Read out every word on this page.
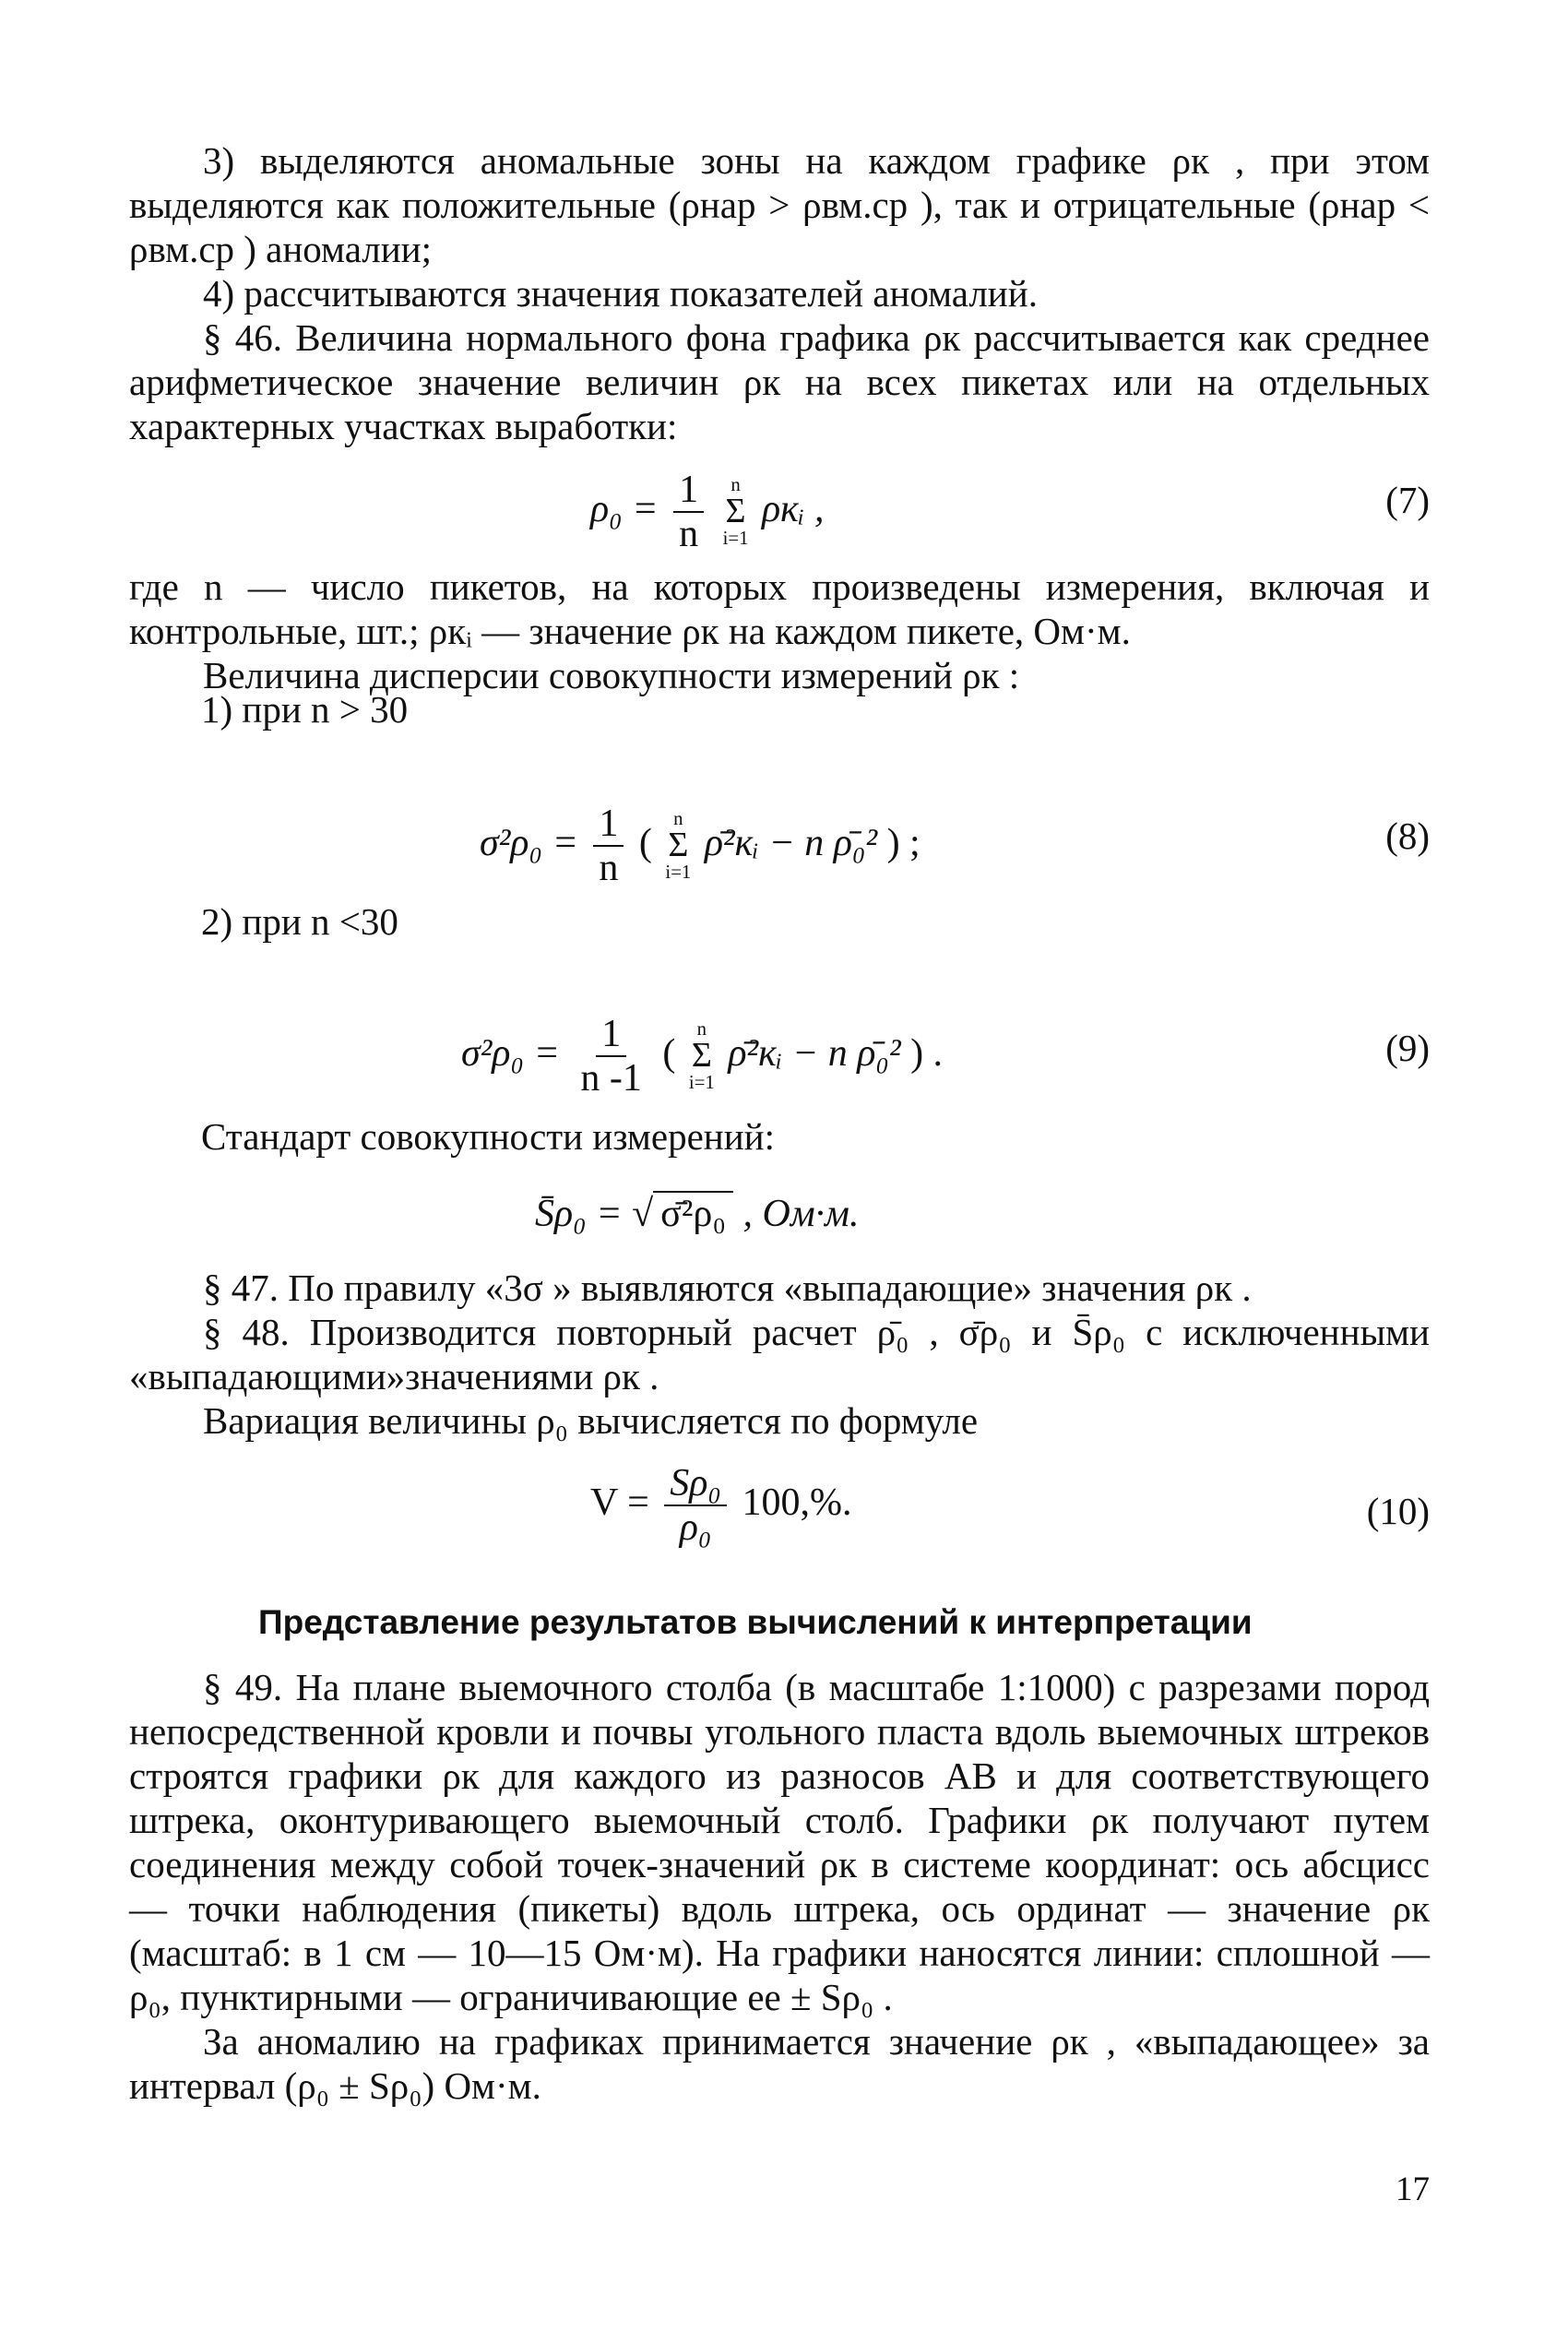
3) выделяются аномальные зоны на каждом графике ρк , при этом выделяются как положительные (ρнар > ρвм.ср ), так и отрицательные (ρнар < ρвм.ср ) аномалии;

4) рассчитываются значения показателей аномалий.

§ 46. Величина нормального фона графика ρк рассчитывается как среднее арифметическое значение величин ρк на всех пикетах или на отдельных характерных участках выработки:

$\rho_0 = \frac{1}{n}$
n
Σ
i=1
ρкᵢ ,	(7)

где n — число пикетов, на которых произведены измерения, включая и контрольные, шт.; ρкᵢ — значение ρк на каждом пикете, Ом·м.

Величина дисперсии совокупности измерений ρк :

1) при n > 30
$\sigma^2\rho_0 = \frac{1}{n}$ (
n
Σ
i=1
ρ̄²кᵢ − n ρ̄₀² ) ;	(8)
2) при n <30
$\sigma^2\rho_0 = \frac{1}{n -1}$ (
n
Σ
i=1
ρ̄²кᵢ − n ρ̄₀² ) .	(9)
Стандарт совокупности измерений:
S̄ρ₀ = √ σ̄²ρ₀ , Ом·м.

§ 47. По правилу «3σ » выявляются «выпадающие» значения ρк .

§ 48. Производится повторный расчет ρ̄₀ , σ̄ρ₀ и S̄ρ₀ с исключенными «выпадающими»значениями ρк .

Вариация величины ρ₀ вычисляется по формуле

$V = \frac{\text{Sρ₀}}{\text{ρ₀}} 100,\%$.	(10)
Представление результатов вычислений к интерпретации

§ 49. На плане выемочного столба (в масштабе 1:1000) с разрезами пород непосредственной кровли и почвы угольного пласта вдоль выемочных штреков строятся графики ρк для каждого из разносов АВ и для соответствующего штрека, оконтуривающего выемочный столб. Графики ρк получают путем соединения между собой точек-значений ρк в системе координат: ось абсцисс — точки наблюдения (пикеты) вдоль штрека, ось ординат — значение ρк (масштаб: в 1 см — 10—15 Ом·м). На графики наносятся линии: сплошной — ρ₀, пунктирными — ограничивающие ее ± Sρ₀ .

За аномалию на графиках принимается значение ρк , «выпадающее» за интервал (ρ₀ ± Sρ₀) Ом·м.

17
